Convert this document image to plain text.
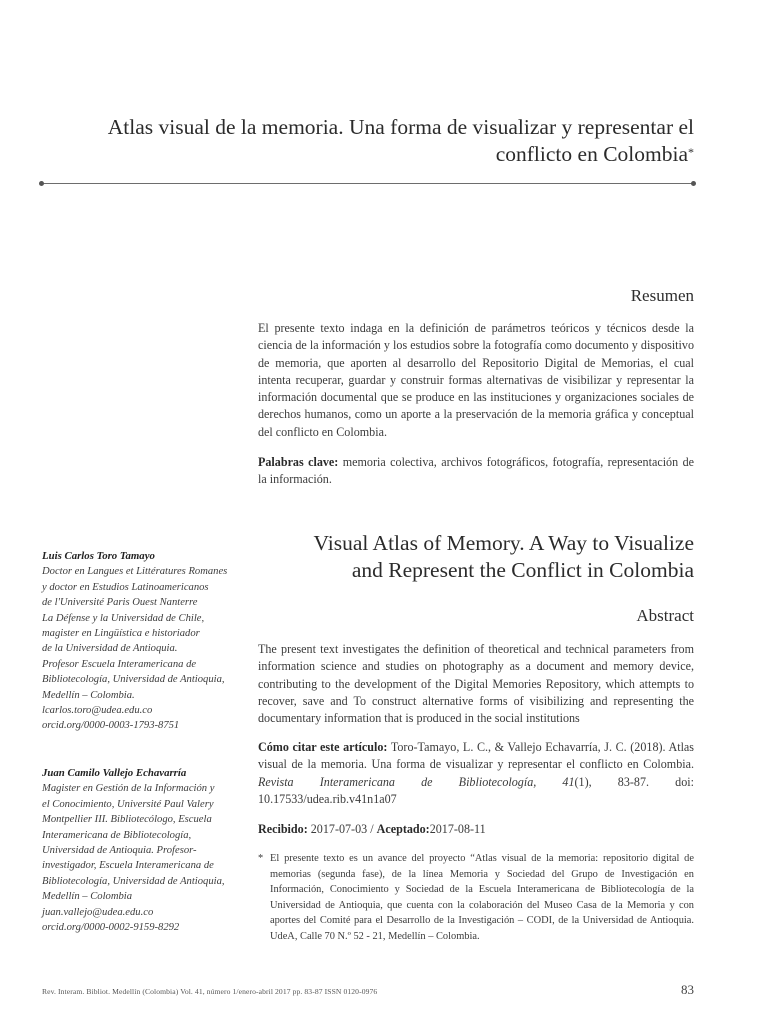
Atlas visual de la memoria. Una forma de visualizar y representar el
conflicto en Colombia*
Resumen
El presente texto indaga en la definición de parámetros teóricos y técnicos desde la ciencia de la información y los estudios sobre la fotografía como documento y dispositivo de memoria, que aporten al desarrollo del Repositorio Digital de Memorias, el cual intenta recuperar, guardar y construir formas alternativas de visibilizar y representar la información documental que se produce en las instituciones y organizaciones sociales de derechos humanos, como un aporte a la preservación de la memoria gráfica y conceptual del conflicto en Colombia.
Palabras clave: memoria colectiva, archivos fotográficos, fotografía, representación de la información.
Visual Atlas of Memory. A Way to Visualize
and Represent the Conflict in Colombia
Abstract
The present text investigates the definition of theoretical and technical parameters from information science and studies on photography as a document and memory device, contributing to the development of the Digital Memories Repository, which attempts to recover, save and To construct alternative forms of visibilizing and representing the documentary information that is produced in the social institutions
Cómo citar este artículo: Toro-Tamayo, L. C., & Vallejo Echavarría, J. C. (2018). Atlas visual de la memoria. Una forma de visualizar y representar el conflicto en Colombia. Revista Interamericana de Bibliotecología, 41(1), 83-87. doi: 10.17533/udea.rib.v41n1a07
Recibido: 2017-07-03 / Aceptado:2017-08-11
* El presente texto es un avance del proyecto “Atlas visual de la memoria: repositorio digital de memorias (segunda fase), de la línea Memoria y Sociedad del Grupo de Investigación en Información, Conocimiento y Sociedad de la Escuela Interamericana de Bibliotecología de la Universidad de Antioquia, que cuenta con la colaboración del Museo Casa de la Memoria y con aportes del Comité para el Desarrollo de la Investigación – CODI, de la Universidad de Antioquia. UdeA, Calle 70 N.º 52 - 21, Medellín – Colombia.
Luis Carlos Toro Tamayo
Doctor en Langues et Littératures Romanes
y doctor en Estudios Latinoamericanos
de l'Université Paris Ouest Nanterre
La Défense y la Universidad de Chile,
magister en Lingüística e historiador
de la Universidad de Antioquia.
Profesor Escuela Interamericana de
Bibliotecología, Universidad de Antioquia,
Medellín – Colombia.
lcarlos.toro@udea.edu.co
orcid.org/0000-0003-1793-8751
Juan Camilo Vallejo Echavarría
Magister en Gestión de la Información y
el Conocimiento, Université Paul Valery
Montpellier III. Bibliotecólogo, Escuela
Interamericana de Bibliotecología,
Universidad de Antioquia. Profesor-
investigador, Escuela Interamericana de
Bibliotecología, Universidad de Antioquia,
Medellín – Colombia
juan.vallejo@udea.edu.co
orcid.org/0000-0002-9159-8292
Rev. Interam. Bibliot. Medellín (Colombia) Vol. 41, número 1/enero-abril 2017 pp. 83-87 ISSN 0120-0976	83
